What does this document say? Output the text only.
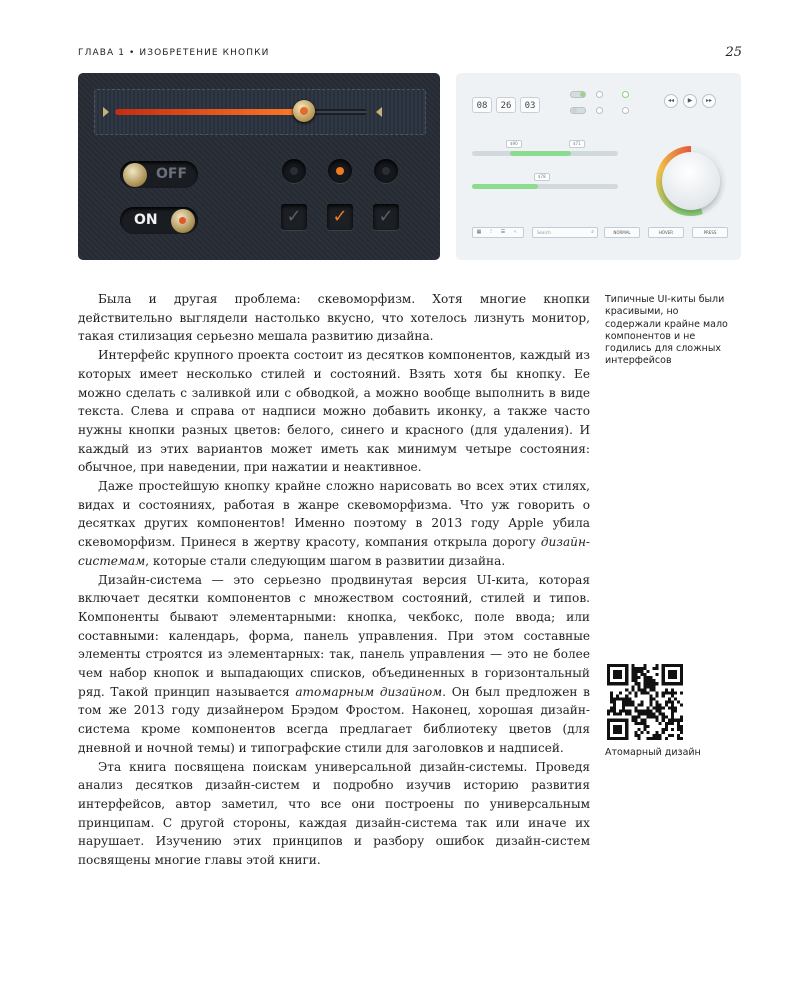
ГЛАВА 1 • ИЗОБРЕТЕНИЕ КНОПКИ	25
OFF
ON	✓	✓	✓
08	26	03
◂◂	▶	▸▸
$90	$71
$78
▦	⁝	☰	‹	Search	⌕	NORMAL	HOVER	PRESS

Была и другая проблема: скевоморфизм. Хотя многие кнопки действительно выглядели настолько вкусно, что хотелось лизнуть монитор, такая стилизация серьезно мешала развитию дизайна.

Интерфейс крупного проекта состоит из десятков компонентов, каждый из которых имеет несколько стилей и состояний. Взять хотя бы кнопку. Ее можно сделать с заливкой или с обводкой, а можно вообще выполнить в виде текста. Слева и справа от надписи можно добавить иконку, а также часто нужны кнопки разных цветов: белого, синего и красного (для удаления). И каждый из этих вариантов может иметь как минимум четыре состояния: обычное, при наведении, при нажатии и неактивное.

Даже простейшую кнопку крайне сложно нарисовать во всех этих стилях, видах и состояниях, работая в жанре скевоморфизма. Что уж говорить о десятках других компонентов! Именно поэтому в 2013 году Apple убила скевоморфизм. Принеся в жертву красоту, компания открыла дорогу дизайн-системам, которые стали следующим шагом в развитии дизайна.

Дизайн-система — это серьезно продвинутая версия UI-кита, которая включает десятки компонентов с множеством состояний, стилей и типов. Компоненты бывают элементарными: кнопка, чекбокс, поле ввода; или составными: календарь, форма, панель управления. При этом составные элементы строятся из элементарных: так, панель управления — это не более чем набор кнопок и выпадающих списков, объединенных в горизонтальный ряд. Такой принцип называется атомарным дизайном. Он был предложен в том же 2013 году дизайнером Брэдом Фростом. Наконец, хорошая дизайн-система кроме компонентов всегда предлагает библиотеку цветов (для дневной и ночной темы) и типографские стили для заголовков и надписей.

Эта книга посвящена поискам универсальной дизайн-системы. Проведя анализ десятков дизайн-систем и подробно изучив историю развития интерфейсов, автор заметил, что все они построены по универсальным принципам. С другой стороны, каждая дизайн-система так или иначе их нарушает. Изучению этих принципов и разбору ошибок дизайн-систем посвящены многие главы этой книги.

Типичные UI-киты были красивыми, но содержали крайне мало компонентов и не годились для сложных интерфейсов
Атомарный дизайн
